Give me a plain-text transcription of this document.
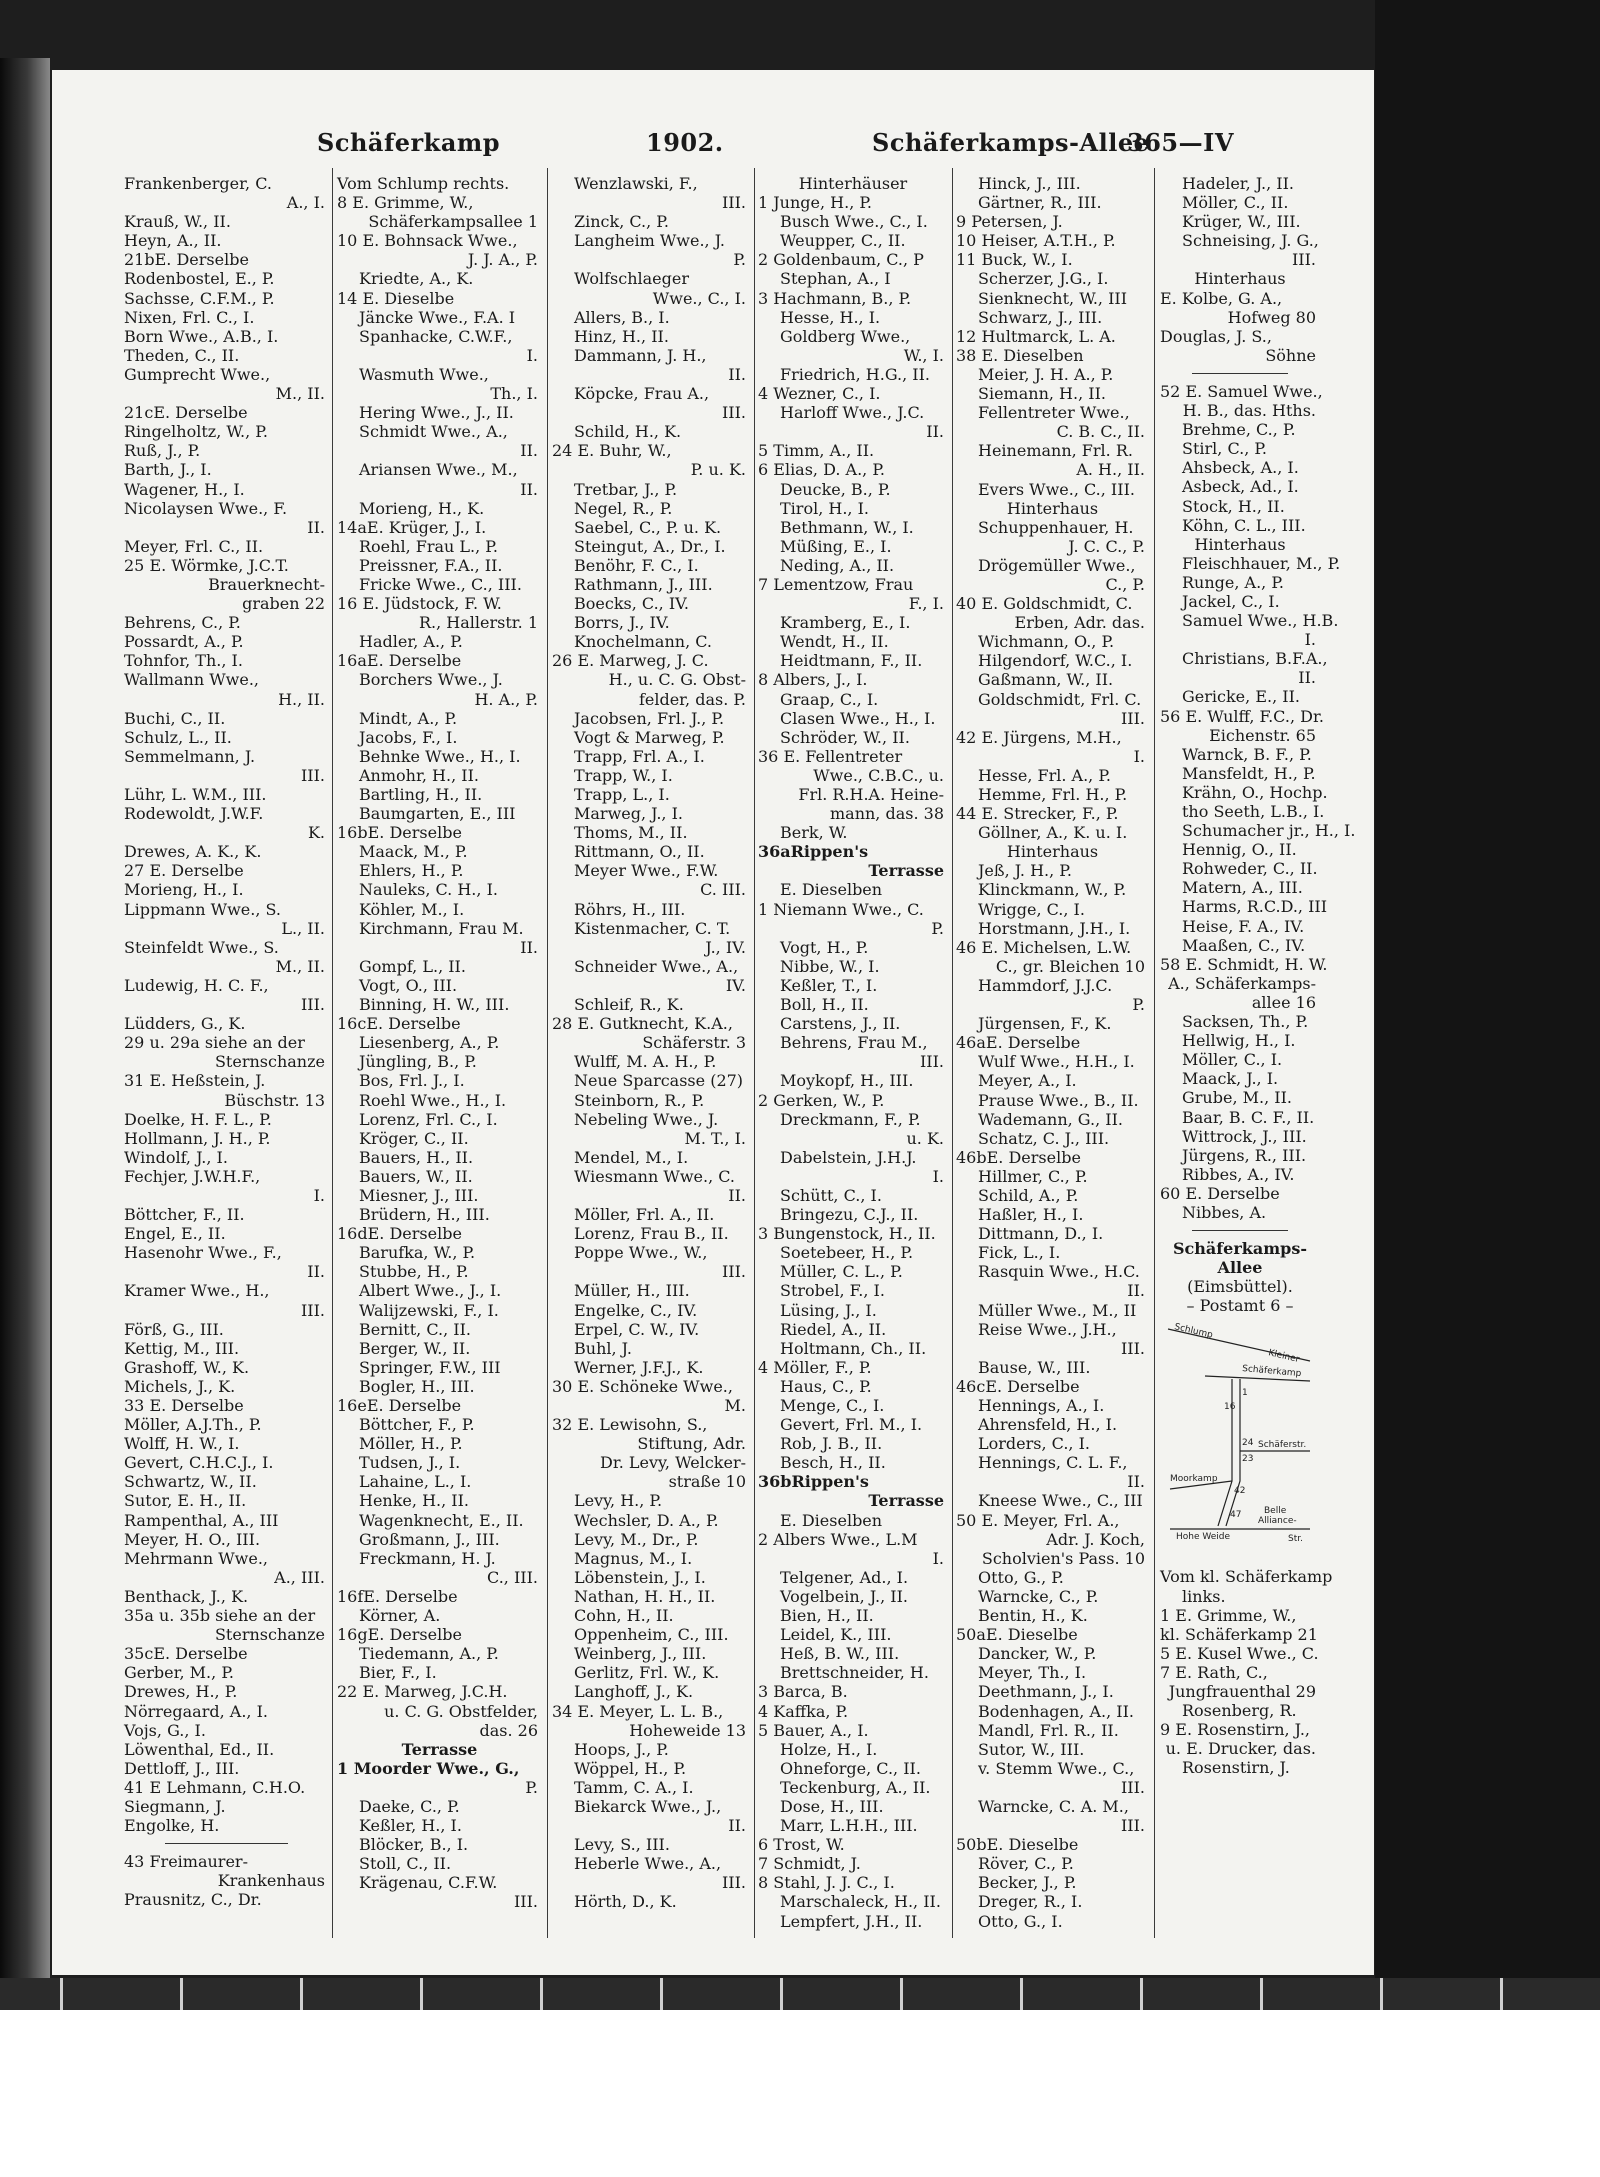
Schäferkamp	1902.	Schäferkamps-Allee
365—IV
Frankenberger, C.
A., I.
Krauß, W., II.
Heyn, A., II.
21bE. Derselbe
Rodenbostel, E., P.
Sachsse, C.F.M., P.
Nixen, Frl. C., I.
Born Wwe., A.B., I.
Theden, C., II.
Gumprecht Wwe.,
M., II.
21cE. Derselbe
Ringelholtz, W., P.
Ruß, J., P.
Barth, J., I.
Wagener, H., I.
Nicolaysen Wwe., F.
II.
Meyer, Frl. C., II.
25 E. Wörmke, J.C.T.
Brauerknecht-
graben 22
Behrens, C., P.
Possardt, A., P.
Tohnfor, Th., I.
Wallmann Wwe.,
H., II.
Buchi, C., II.
Schulz, L., II.
Semmelmann, J.
III.
Lühr, L. W.M., III.
Rodewoldt, J.W.F.
K.
Drewes, A. K., K.
27 E. Derselbe
Morieng, H., I.
Lippmann Wwe., S.
L., II.
Steinfeldt Wwe., S.
M., II.
Ludewig, H. C. F.,
III.
Lüdders, G., K.
29 u. 29a siehe an der
Sternschanze
31 E. Heßstein, J.
Büschstr. 13
Doelke, H. F. L., P.
Hollmann, J. H., P.
Windolf, J., I.
Fechjer, J.W.H.F.,
I.
Böttcher, F., II.
Engel, E., II.
Hasenohr Wwe., F.,
II.
Kramer Wwe., H.,
III.
Förß, G., III.
Kettig, M., III.
Grashoff, W., K.
Michels, J., K.
33 E. Derselbe
Möller, A.J.Th., P.
Wolff, H. W., I.
Gevert, C.H.C.J., I.
Schwartz, W., II.
Sutor, E. H., II.
Rampenthal, A., III
Meyer, H. O., III.
Mehrmann Wwe.,
A., III.
Benthack, J., K.
35a u. 35b siehe an der
Sternschanze
35cE. Derselbe
Gerber, M., P.
Drewes, H., P.
Nörregaard, A., I.
Vojs, G., I.
Löwenthal, Ed., II.
Dettloff, J., III.
41 E Lehmann, C.H.O.
Siegmann, J.
Engolke, H.
43 Freimaurer-
Krankenhaus
Prausnitz, C., Dr.
Vom Schlump rechts.
8 E. Grimme, W.,
Schäferkampsallee 1
10 E. Bohnsack Wwe.,
J. J. A., P.
Kriedte, A., K.
14 E. Dieselbe
Jäncke Wwe., F.A. I
Spanhacke, C.W.F.,
I.
Wasmuth Wwe.,
Th., I.
Hering Wwe., J., II.
Schmidt Wwe., A.,
II.
Ariansen Wwe., M.,
II.
Morieng, H., K.
14aE. Krüger, J., I.
Roehl, Frau L., P.
Preissner, F.A., II.
Fricke Wwe., C., III.
16 E. Jüdstock, F. W.
R., Hallerstr. 1
Hadler, A., P.
16aE. Derselbe
Borchers Wwe., J.
H. A., P.
Mindt, A., P.
Jacobs, F., I.
Behnke Wwe., H., I.
Anmohr, H., II.
Bartling, H., II.
Baumgarten, E., III
16bE. Derselbe
Maack, M., P.
Ehlers, H., P.
Nauleks, C. H., I.
Köhler, M., I.
Kirchmann, Frau M.
II.
Gompf, L., II.
Vogt, O., III.
Binning, H. W., III.
16cE. Derselbe
Liesenberg, A., P.
Jüngling, B., P.
Bos, Frl. J., I.
Roehl Wwe., H., I.
Lorenz, Frl. C., I.
Kröger, C., II.
Bauers, H., II.
Bauers, W., II.
Miesner, J., III.
Brüdern, H., III.
16dE. Derselbe
Barufka, W., P.
Stubbe, H., P.
Albert Wwe., J., I.
Walijzewski, F., I.
Bernitt, C., II.
Berger, W., II.
Springer, F.W., III
Bogler, H., III.
16eE. Derselbe
Böttcher, F., P.
Möller, H., P.
Tudsen, J., I.
Lahaine, L., I.
Henke, H., II.
Wagenknecht, E., II.
Großmann, J., III.
Freckmann, H. J.
C., III.
16fE. Derselbe
Körner, A.
16gE. Derselbe
Tiedemann, A., P.
Bier, F., I.
22 E. Marweg, J.C.H.
u. C. G. Obstfelder,
das. 26
Terrasse
1 Moorder Wwe., G.,
P.
Daeke, C., P.
Keßler, H., I.
Blöcker, B., I.
Stoll, C., II.
Krägenau, C.F.W.
III.
Wenzlawski, F.,
III.
Zinck, C., P.
Langheim Wwe., J.
P.
Wolfschlaeger
Wwe., C., I.
Allers, B., I.
Hinz, H., II.
Dammann, J. H.,
II.
Köpcke, Frau A.,
III.
Schild, H., K.
24 E. Buhr, W.,
P. u. K.
Tretbar, J., P.
Negel, R., P.
Saebel, C., P. u. K.
Steingut, A., Dr., I.
Benöhr, F. C., I.
Rathmann, J., III.
Boecks, C., IV.
Borrs, J., IV.
Knochelmann, C.
26 E. Marweg, J. C.
H., u. C. G. Obst-
felder, das. P.
Jacobsen, Frl. J., P.
Vogt & Marweg, P.
Trapp, Frl. A., I.
Trapp, W., I.
Trapp, L., I.
Marweg, J., I.
Thoms, M., II.
Rittmann, O., II.
Meyer Wwe., F.W.
C. III.
Röhrs, H., III.
Kistenmacher, C. T.
J., IV.
Schneider Wwe., A.,
IV.
Schleif, R., K.
28 E. Gutknecht, K.A.,
Schäferstr. 3
Wulff, M. A. H., P.
Neue Sparcasse (27)
Steinborn, R., P.
Nebeling Wwe., J.
M. T., I.
Mendel, M., I.
Wiesmann Wwe., C.
II.
Möller, Frl. A., II.
Lorenz, Frau B., II.
Poppe Wwe., W.,
III.
Müller, H., III.
Engelke, C., IV.
Erpel, C. W., IV.
Buhl, J.
Werner, J.F.J., K.
30 E. Schöneke Wwe.,
M.
32 E. Lewisohn, S.,
Stiftung, Adr.
Dr. Levy, Welcker-
straße 10
Levy, H., P.
Wechsler, D. A., P.
Levy, M., Dr., P.
Magnus, M., I.
Löbenstein, J., I.
Nathan, H. H., II.
Cohn, H., II.
Oppenheim, C., III.
Weinberg, J., III.
Gerlitz, Frl. W., K.
Langhoff, J., K.
34 E. Meyer, L. L. B.,
Hoheweide 13
Hoops, J., P.
Wöppel, H., P.
Tamm, C. A., I.
Biekarck Wwe., J.,
II.
Levy, S., III.
Heberle Wwe., A.,
III.
Hörth, D., K.
Hinterhäuser
1 Junge, H., P.
Busch Wwe., C., I.
Weupper, C., II.
2 Goldenbaum, C., P
Stephan, A., I
3 Hachmann, B., P.
Hesse, H., I.
Goldberg Wwe.,
W., I.
Friedrich, H.G., II.
4 Wezner, C., I.
Harloff Wwe., J.C.
II.
5 Timm, A., II.
6 Elias, D. A., P.
Deucke, B., P.
Tirol, H., I.
Bethmann, W., I.
Müßing, E., I.
Neding, A., II.
7 Lementzow, Frau
F., I.
Kramberg, E., I.
Wendt, H., II.
Heidtmann, F., II.
8 Albers, J., I.
Graap, C., I.
Clasen Wwe., H., I.
Schröder, W., II.
36 E. Fellentreter
Wwe., C.B.C., u.
Frl. R.H.A. Heine-
mann, das. 38
Berk, W.
36aRippen's
Terrasse
E. Dieselben
1 Niemann Wwe., C.
P.
Vogt, H., P.
Nibbe, W., I.
Keßler, T., I.
Boll, H., II.
Carstens, J., II.
Behrens, Frau M.,
III.
Moykopf, H., III.
2 Gerken, W., P.
Dreckmann, F., P.
u. K.
Dabelstein, J.H.J.
I.
Schütt, C., I.
Bringezu, C.J., II.
3 Bungenstock, H., II.
Soetebeer, H., P.
Müller, C. L., P.
Strobel, F., I.
Lüsing, J., I.
Riedel, A., II.
Holtmann, Ch., II.
4 Möller, F., P.
Haus, C., P.
Menge, C., I.
Gevert, Frl. M., I.
Rob, J. B., II.
Besch, H., II.
36bRippen's
Terrasse
E. Dieselben
2 Albers Wwe., L.M
I.
Telgener, Ad., I.
Vogelbein, J., II.
Bien, H., II.
Leidel, K., III.
Heß, B. W., III.
Brettschneider, H.
3 Barca, B.
4 Kaffka, P.
5 Bauer, A., I.
Holze, H., I.
Ohneforge, C., II.
Teckenburg, A., II.
Dose, H., III.
Marr, L.H.H., III.
6 Trost, W.
7 Schmidt, J.
8 Stahl, J. J. C., I.
Marschaleck, H., II.
Lempfert, J.H., II.
Hinck, J., III.
Gärtner, R., III.
9 Petersen, J.
10 Heiser, A.T.H., P.
11 Buck, W., I.
Scherzer, J.G., I.
Sienknecht, W., III
Schwarz, J., III.
12 Hultmarck, L. A.
38 E. Dieselben
Meier, J. H. A., P.
Siemann, H., II.
Fellentreter Wwe.,
C. B. C., II.
Heinemann, Frl. R.
A. H., II.
Evers Wwe., C., III.
Hinterhaus
Schuppenhauer, H.
J. C. C., P.
Drögemüller Wwe.,
C., P.
40 E. Goldschmidt, C.
Erben, Adr. das.
Wichmann, O., P.
Hilgendorf, W.C., I.
Gaßmann, W., II.
Goldschmidt, Frl. C.
III.
42 E. Jürgens, M.H.,
I.
Hesse, Frl. A., P.
Hemme, Frl. H., P.
44 E. Strecker, F., P.
Göllner, A., K. u. I.
Hinterhaus
Jeß, J. H., P.
Klinckmann, W., P.
Wrigge, C., I.
Horstmann, J.H., I.
46 E. Michelsen, L.W.
C., gr. Bleichen 10
Hammdorf, J.J.C.
P.
Jürgensen, F., K.
46aE. Derselbe
Wulf Wwe., H.H., I.
Meyer, A., I.
Prause Wwe., B., II.
Wademann, G., II.
Schatz, C. J., III.
46bE. Derselbe
Hillmer, C., P.
Schild, A., P.
Haßler, H., I.
Dittmann, D., I.
Fick, L., I.
Rasquin Wwe., H.C.
II.
Müller Wwe., M., II
Reise Wwe., J.H.,
III.
Bause, W., III.
46cE. Derselbe
Hennings, A., I.
Ahrensfeld, H., I.
Lorders, C., I.
Hennings, C. L. F.,
II.
Kneese Wwe., C., III
50 E. Meyer, Frl. A.,
Adr. J. Koch,
Scholvien's Pass. 10
Otto, G., P.
Warncke, C., P.
Bentin, H., K.
50aE. Dieselbe
Dancker, W., P.
Meyer, Th., I.
Deethmann, J., I.
Bodenhagen, A., II.
Mandl, Frl. R., II.
Sutor, W., III.
v. Stemm Wwe., C.,
III.
Warncke, C. A. M.,
III.
50bE. Dieselbe
Röver, C., P.
Becker, J., P.
Dreger, R., I.
Otto, G., I.
Hadeler, J., II.
Möller, C., II.
Krüger, W., III.
Schneising, J. G.,
III.
Hinterhaus
E. Kolbe, G. A.,
Hofweg 80
Douglas, J. S.,
Söhne
52 E. Samuel Wwe.,
H. B., das. Hths.
Brehme, C., P.
Stirl, C., P.
Ahsbeck, A., I.
Asbeck, Ad., I.
Stock, H., II.
Köhn, C. L., III.
Hinterhaus
Fleischhauer, M., P.
Runge, A., P.
Jackel, C., I.
Samuel Wwe., H.B.
I.
Christians, B.F.A.,
II.
Gericke, E., II.
56 E. Wulff, F.C., Dr.
Eichenstr. 65
Warnck, B. F., P.
Mansfeldt, H., P.
Krähn, O., Hochp.
tho Seeth, L.B., I.
Schumacher jr., H., I.
Hennig, O., II.
Rohweder, C., II.
Matern, A., III.
Harms, R.C.D., III
Heise, F. A., IV.
Maaßen, C., IV.
58 E. Schmidt, H. W.
A., Schäferkamps-
allee 16
Sacksen, Th., P.
Hellwig, H., I.
Möller, C., I.
Maack, J., I.
Grube, M., II.
Baar, B. C. F., II.
Wittrock, J., III.
Jürgens, R., III.
Ribbes, A., IV.
60 E. Derselbe
Nibbes, A.
Schäferkamps-
Allee
(Eimsbüttel).
– Postamt 6 –
Schlump
Kleiner
Schäferkamp
Schäferstr.
Moorkamp
Belle
Alliance-
Str.
Hohe Weide
1
16
24
23
42
47
Vom kl. Schäferkamp
links.
1 E. Grimme, W.,
kl. Schäferkamp 21
5 E. Kusel Wwe., C.
7 E. Rath, C.,
Jungfrauenthal 29
Rosenberg, R.
9 E. Rosenstirn, J.,
u. E. Drucker, das.
Rosenstirn, J.
